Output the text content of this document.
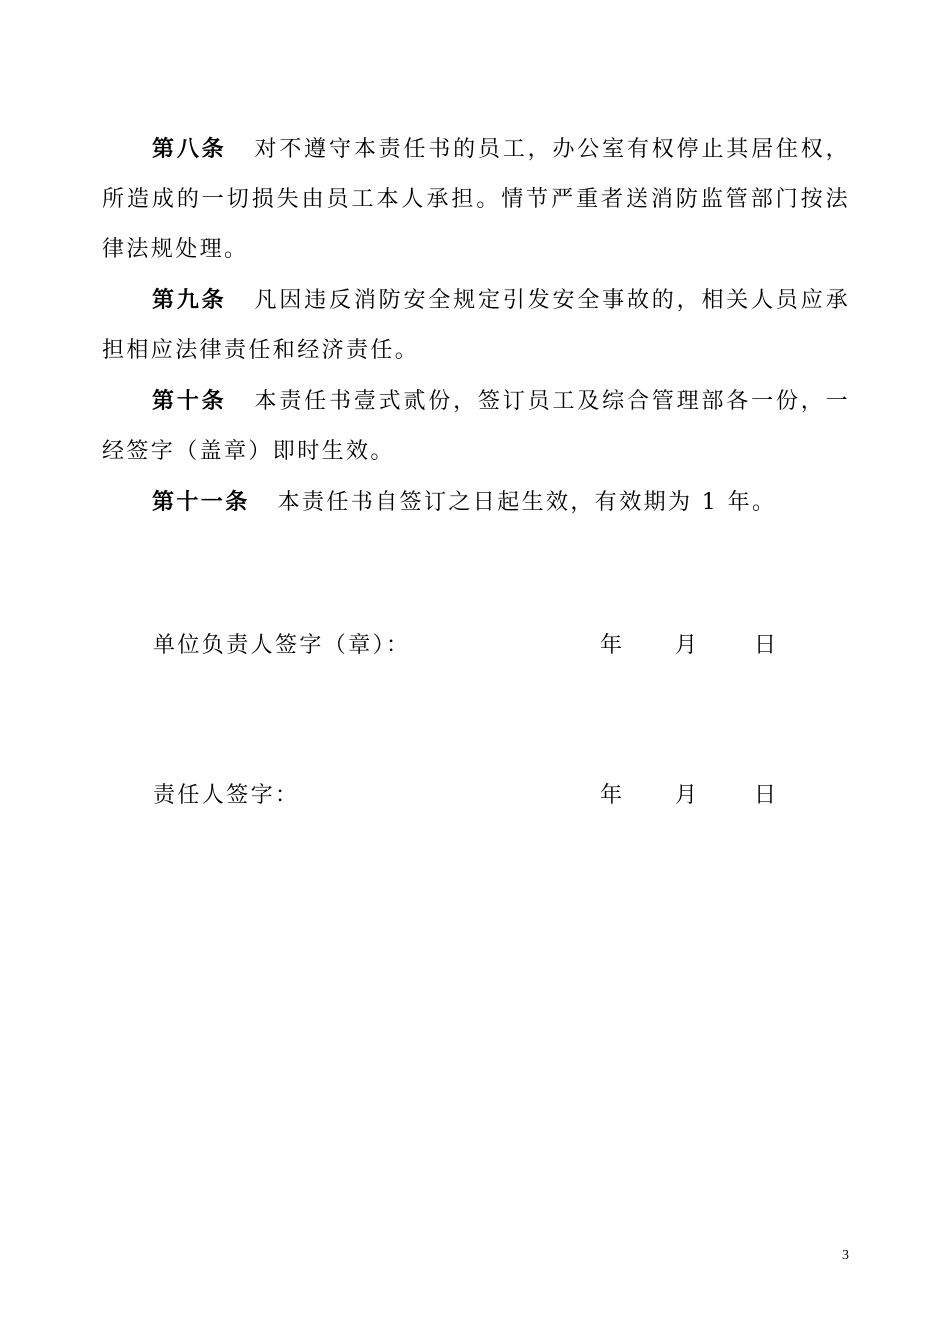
第八条 对不遵守本责任书的员工，办公室有权停止其居住权，所造成的一切损失由员工本人承担。情节严重者送消防监管部门按法律法规处理。

第九条 凡因违反消防安全规定引发安全事故的，相关人员应承担相应法律责任和经济责任。

第十条 本责任书壹式贰份，签订员工及综合管理部各一份，一经签字（盖章）即时生效。

第十一条 本责任书自签订之日起生效，有效期为 1 年。

单位负责人签字（章）：	年 月 日
责任人签字：	年 月 日
3
